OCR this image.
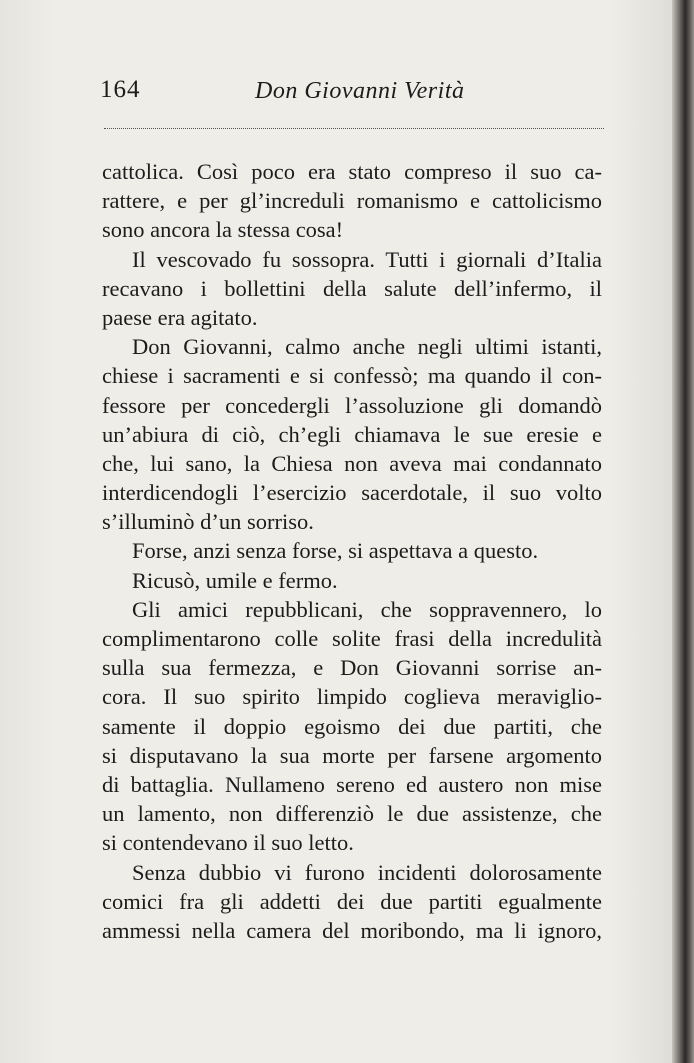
164	Don Giovanni Verità
cattolica. Così poco era stato compreso il suo ca-
rattere, e per gl’increduli romanismo e cattolicismo
sono ancora la stessa cosa!
Il vescovado fu sossopra. Tutti i giornali d’Italia
recavano i bollettini della salute dell’infermo, il
paese era agitato.
Don Giovanni, calmo anche negli ultimi istanti,
chiese i sacramenti e si confessò; ma quando il con-
fessore per concedergli l’assoluzione gli domandò
un’abiura di ciò, ch’egli chiamava le sue eresie e
che, lui sano, la Chiesa non aveva mai condannato
interdicendogli l’esercizio sacerdotale, il suo volto
s’illuminò d’un sorriso.
Forse, anzi senza forse, si aspettava a questo.
Ricusò, umile e fermo.
Gli amici repubblicani, che soppravennero, lo
complimentarono colle solite frasi della incredulità
sulla sua fermezza, e Don Giovanni sorrise an-
cora. Il suo spirito limpido coglieva meraviglio-
samente il doppio egoismo dei due partiti, che
si disputavano la sua morte per farsene argomento
di battaglia. Nullameno sereno ed austero non mise
un lamento, non differenziò le due assistenze, che
si contendevano il suo letto.
Senza dubbio vi furono incidenti dolorosamente
comici fra gli addetti dei due partiti egualmente
ammessi nella camera del moribondo, ma li ignoro,
